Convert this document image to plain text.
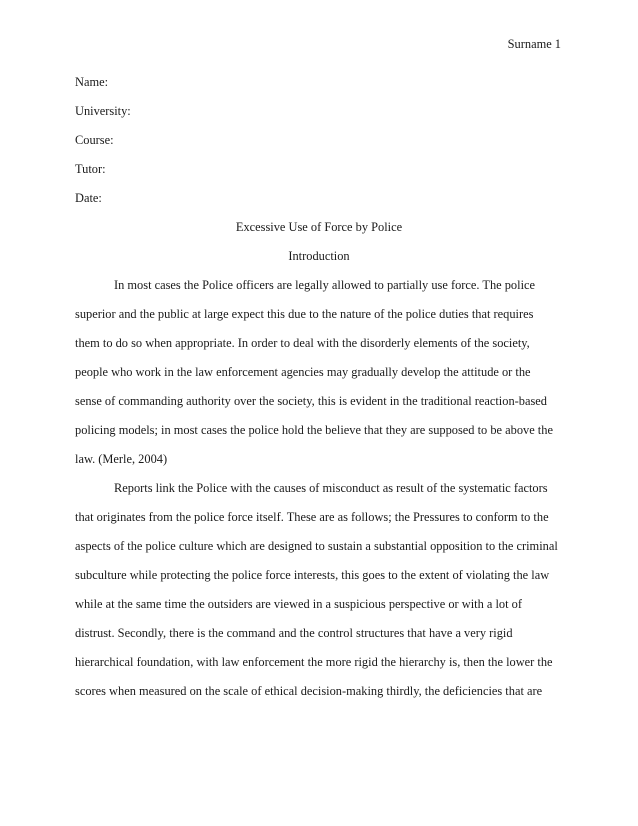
Surname 1
Name:
University:
Course:
Tutor:
Date:
Excessive Use of Force by Police
Introduction
In most cases the Police officers are legally allowed to partially use force. The police
superior and the public at large expect this due to the nature of the police duties that requires
them to do so when appropriate. In order to deal with the disorderly elements of the society,
people who work in the law enforcement agencies may gradually develop the attitude or the
sense of commanding authority over the society, this is evident in the traditional reaction-based
policing models; in most cases the police hold the believe that they are supposed to be above the
law. (Merle, 2004)
Reports link the Police with the causes of misconduct as result of the systematic factors
that originates from the police force itself. These are as follows; the Pressures to conform to the
aspects of the police culture which are designed to sustain a substantial opposition to the criminal
subculture while protecting the police force interests, this goes to the extent of violating the law
while at the same time the outsiders are viewed in a suspicious perspective or with a lot of
distrust. Secondly, there is the command and the control structures that have a very rigid
hierarchical foundation, with law enforcement the more rigid the hierarchy is, then the lower the
scores when measured on the scale of ethical decision-making thirdly, the deficiencies that are
